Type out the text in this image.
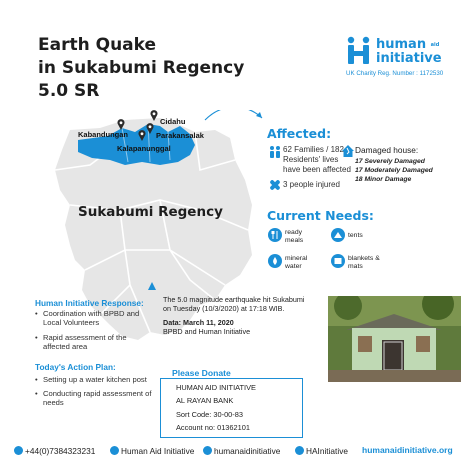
Earth Quake
in Sukabumi Regency
5.0 SR
human $^{aid}$
initiative
UK Charity Reg. Number : 1172530
Cidahu
Kabandungan	Parakansalak
Kalapanunggal
Sukabumi Regency
Affected:
62 Families / 182 Residents' lives have been affected
3 people injured
Damaged house:
17 Severely Damaged
17 Moderately Damaged
18 Minor Damage
Current Needs:
ready meals
tents
mineral water
blankets & mats
The 5.0 magnitude earthquake hit Sukabumi on Tuesday (10/3/2020) at 17:18 WIB.
Data: March 11, 2020
BPBD and Human Initiative
Human Initiative Response:
• Coordination with BPBD and Local Volunteers
• Rapid assessment of the affected area
Today's Action Plan:
• Setting up a water kitchen post
• Conducting rapid assessment of needs
Please Donate
HUMAN AID INITIATIVE
AL RAYAN BANK
Sort Code: 30-00-83
Account no: 01362101
+44(0)7384323231	Human Aid Initiative	humanaidinitiative	HAInitiative humanaidinitiative.org
